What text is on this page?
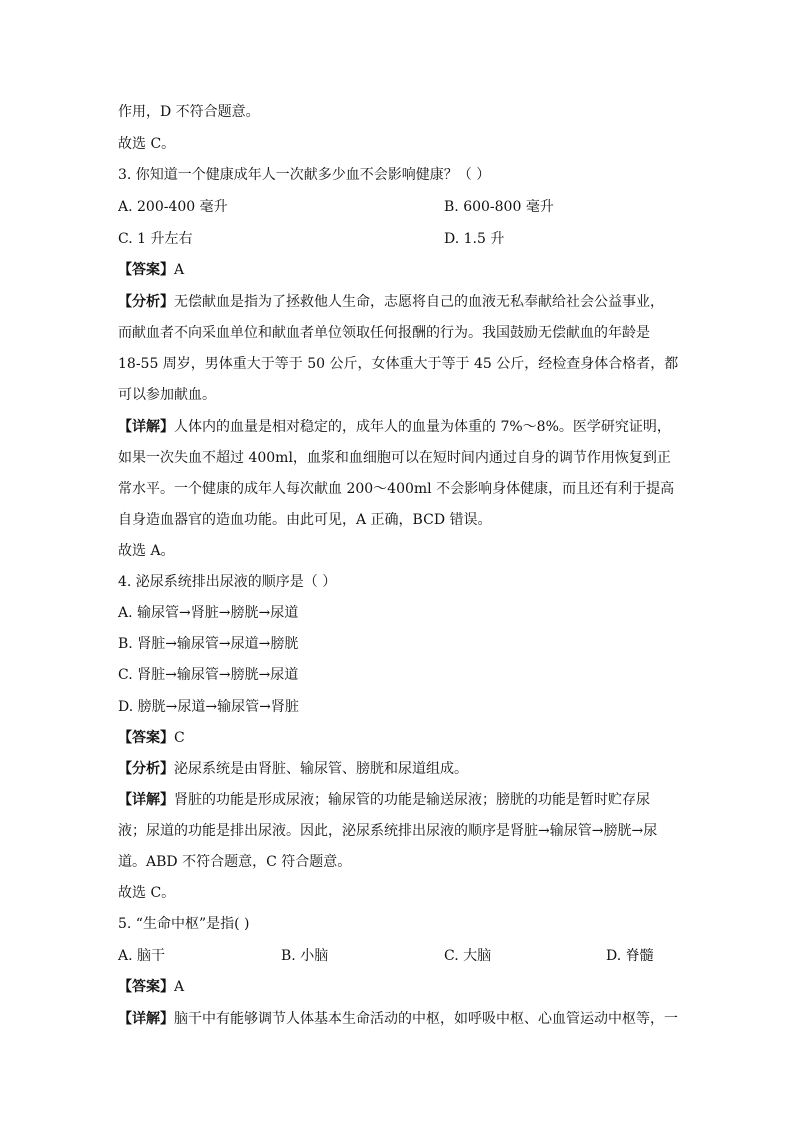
作用，D 不符合题意。
故选 C。
3. 你知道一个健康成年人一次献多少血不会影响健康？（ ）
A. 200-400 毫升	B. 600-800 毫升
C. 1 升左右	D. 1.5 升
【答案】A
【分析】无偿献血是指为了拯救他人生命，志愿将自己的血液无私奉献给社会公益事业，
而献血者不向采血单位和献血者单位领取任何报酬的行为。我国鼓励无偿献血的年龄是
18-55 周岁，男体重大于等于 50 公斤，女体重大于等于 45 公斤，经检查身体合格者，都
可以参加献血。
【详解】人体内的血量是相对稳定的，成年人的血量为体重的 7%～8%。医学研究证明，
如果一次失血不超过 400ml，血浆和血细胞可以在短时间内通过自身的调节作用恢复到正
常水平。一个健康的成年人每次献血 200～400ml 不会影响身体健康，而且还有利于提高
自身造血器官的造血功能。由此可见，A 正确，BCD 错误。
故选 A。
4. 泌尿系统排出尿液的顺序是（ ）
A. 输尿管→肾脏→膀胱→尿道
B. 肾脏→输尿管→尿道→膀胱
C. 肾脏→输尿管→膀胱→尿道
D. 膀胱→尿道→输尿管→肾脏
【答案】C
【分析】泌尿系统是由肾脏、输尿管、膀胱和尿道组成。
【详解】肾脏的功能是形成尿液；输尿管的功能是输送尿液；膀胱的功能是暂时贮存尿
液；尿道的功能是排出尿液。因此，泌尿系统排出尿液的顺序是肾脏→输尿管→膀胱→尿
道。ABD 不符合题意，C 符合题意。
故选 C。
5. “生命中枢”是指( )
A. 脑干	B. 小脑	C. 大脑	D. 脊髓
【答案】A
【详解】脑干中有能够调节人体基本生命活动的中枢，如呼吸中枢、心血管运动中枢等，一
